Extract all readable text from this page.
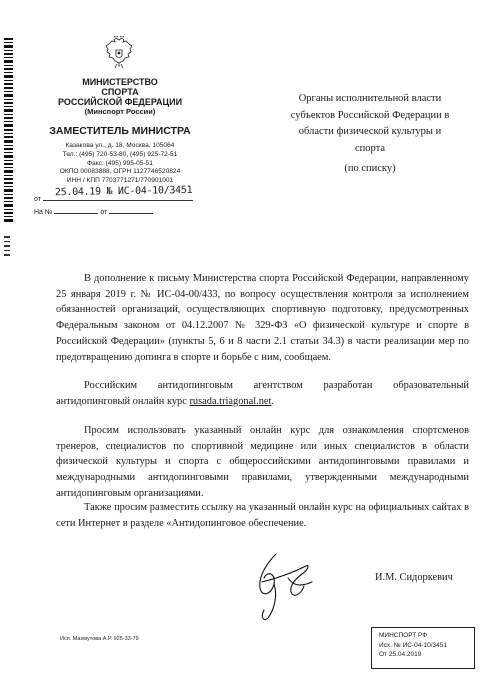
МИНИСТЕРСТВО
СПОРТА
РОССИЙСКОЙ ФЕДЕРАЦИИ
(Минспорт России)
ЗАМЕСТИТЕЛЬ МИНИСТРА
Казакова ул., д. 18, Москва, 105064
Тел.: (495) 720-53-80, (495) 925-72-51
Факс: (495) 995-05-51
ОКПО 00083888, ОГРН 1127746520824
ИНН / КПП 7703771271/770901001
от
25.04.19 № ИС-04-10/3451
На №	от
Органы исполнительной власти
субъектов Российской Федерации в
области физической культуры и
спорта
(по списку)
В дополнение к письму Министерства спорта Российской Федерации, направленному 25 января 2019 г. № ИС-04-00/433, по вопросу осуществления контроля за исполнением обязанностей организаций, осуществляющих спортивную подготовку, предусмотренных Федеральным законом от 04.12.2007 № 329-ФЗ «О физической культуре и спорте в Российской Федерации» (пункты 5, 6 и 8 части 2.1 статьи 34.3) в части реализации мер по предотвращению допинга в спорте и борьбе с ним, сообщаем.
Российским антидопинговым агентством разработан образовательный антидопинговый онлайн курс rusada.triagonal.net.
Просим использовать указанный онлайн курс для ознакомления спортсменов тренеров, специалистов по спортивной медицине или иных специалистов в области физической культуры и спорта с общероссийскими антидопинговыми правилами и международными антидопинговыми правилами, утвержденными международными антидопинговым организациями.
Также просим разместить ссылку на указанный онлайн курс на официальных сайтах в сети Интернет в разделе «Антидопинговое обеспечение.
И.М. Сидоркевич
Исп. Махмутова А.Р. 925-33-79	МИНСПОРТ РФ
Исх. № ИС-04-10/3451
От 25.04.2019
